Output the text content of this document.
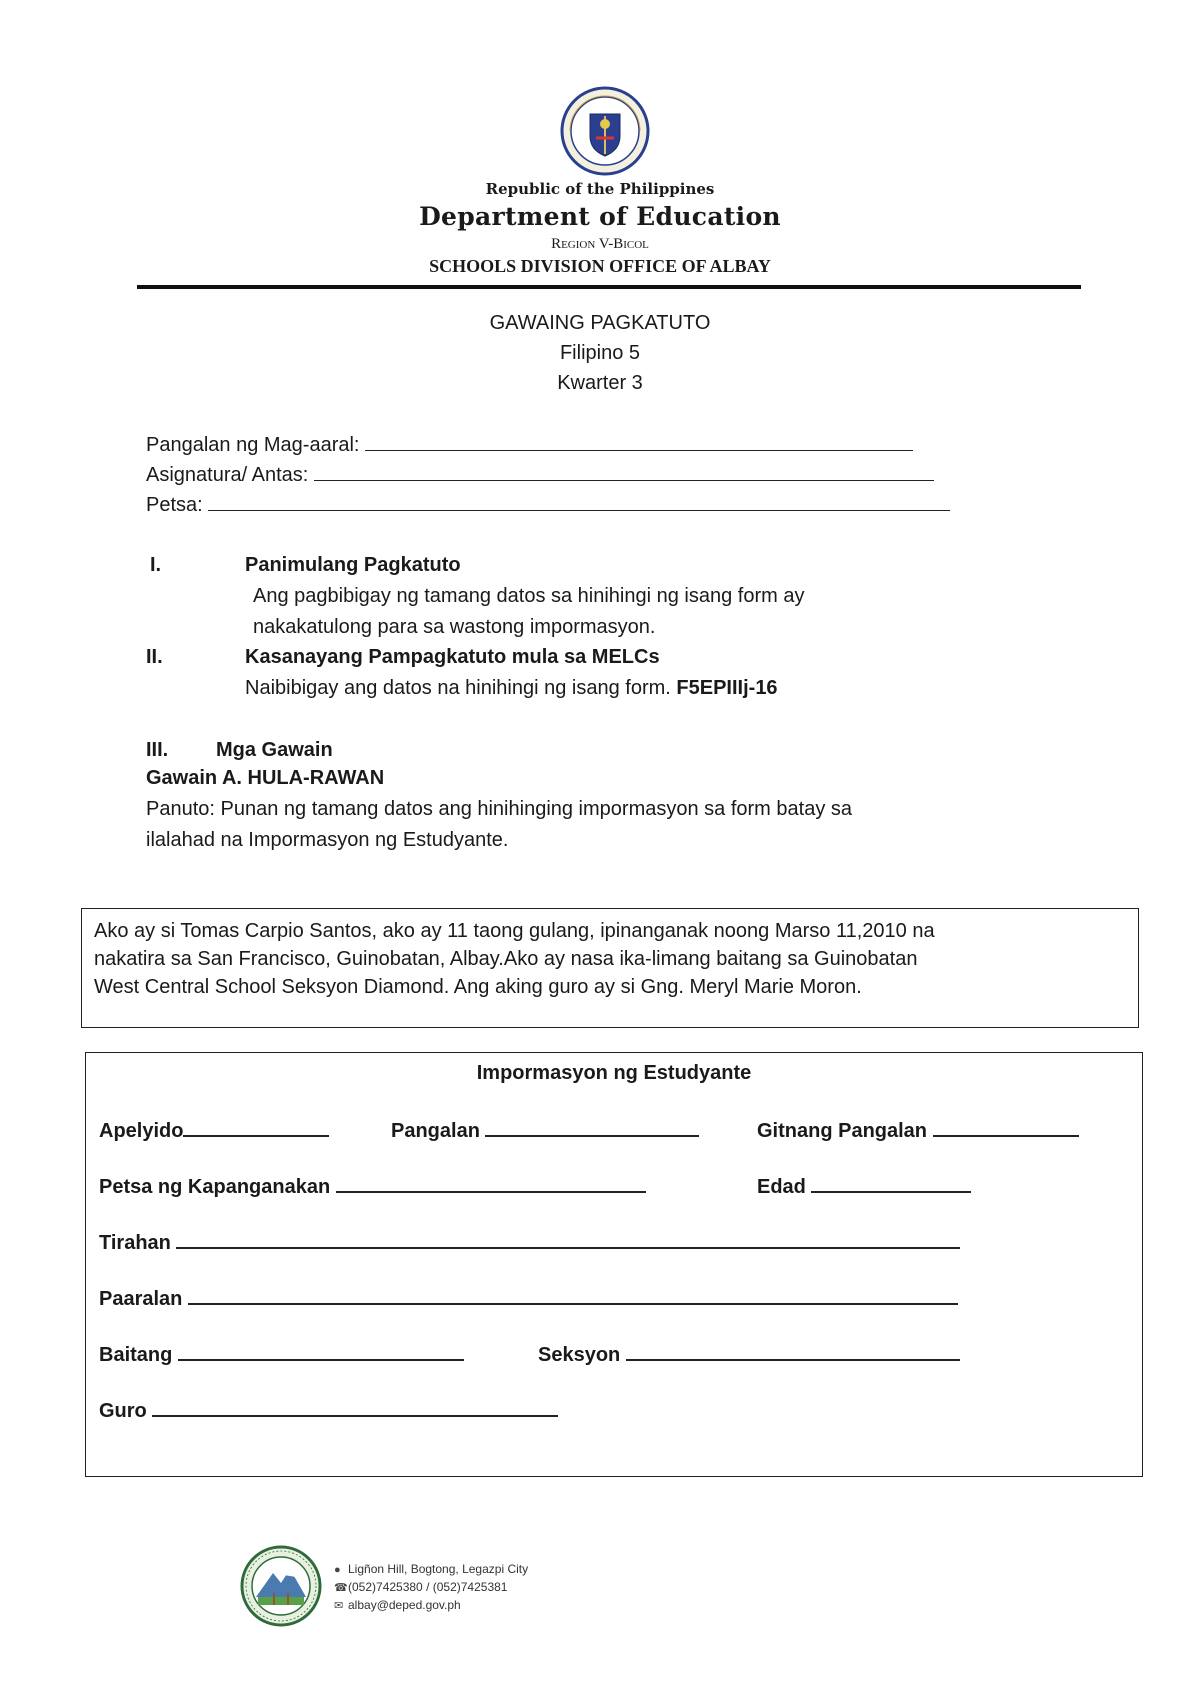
Republic of the Philippines
Department of Education
Region V-Bicol
SCHOOLS DIVISION OFFICE OF ALBAY
GAWAING PAGKATUTO
Filipino 5
Kwarter 3
Pangalan ng Mag-aaral:
Asignatura/ Antas:
Petsa:
I.	Panimulang Pagkatuto
Ang pagbibigay ng tamang datos sa hinihingi ng isang form ay
nakakatulong para sa wastong impormasyon.
II.	Kasanayang Pampagkatuto mula sa MELCs
Naibibigay ang datos na hinihingi ng isang form. F5EPIIIj-16
III. Mga Gawain
Gawain A. HULA-RAWAN
Panuto: Punan ng tamang datos ang hinihinging impormasyon sa form batay sa
ilalahad na Impormasyon ng Estudyante.
Ako ay si Tomas Carpio Santos, ako ay 11 taong gulang, ipinanganak noong Marso 11,2010 na
nakatira sa San Francisco, Guinobatan, Albay.Ako ay nasa ika-limang baitang sa Guinobatan
West Central School Seksyon Diamond. Ang aking guro ay si Gng. Meryl Marie Moron.
Impormasyon ng Estudyante
Apelyido	Pangalan	Gitnang Pangalan
Petsa ng Kapanganakan	Edad
Tirahan
Paaralan
Baitang	Seksyon
Guro
● Ligñon Hill, Bogtong, Legazpi City
☎(052)7425380 / (052)7425381
✉ albay@deped.gov.ph
